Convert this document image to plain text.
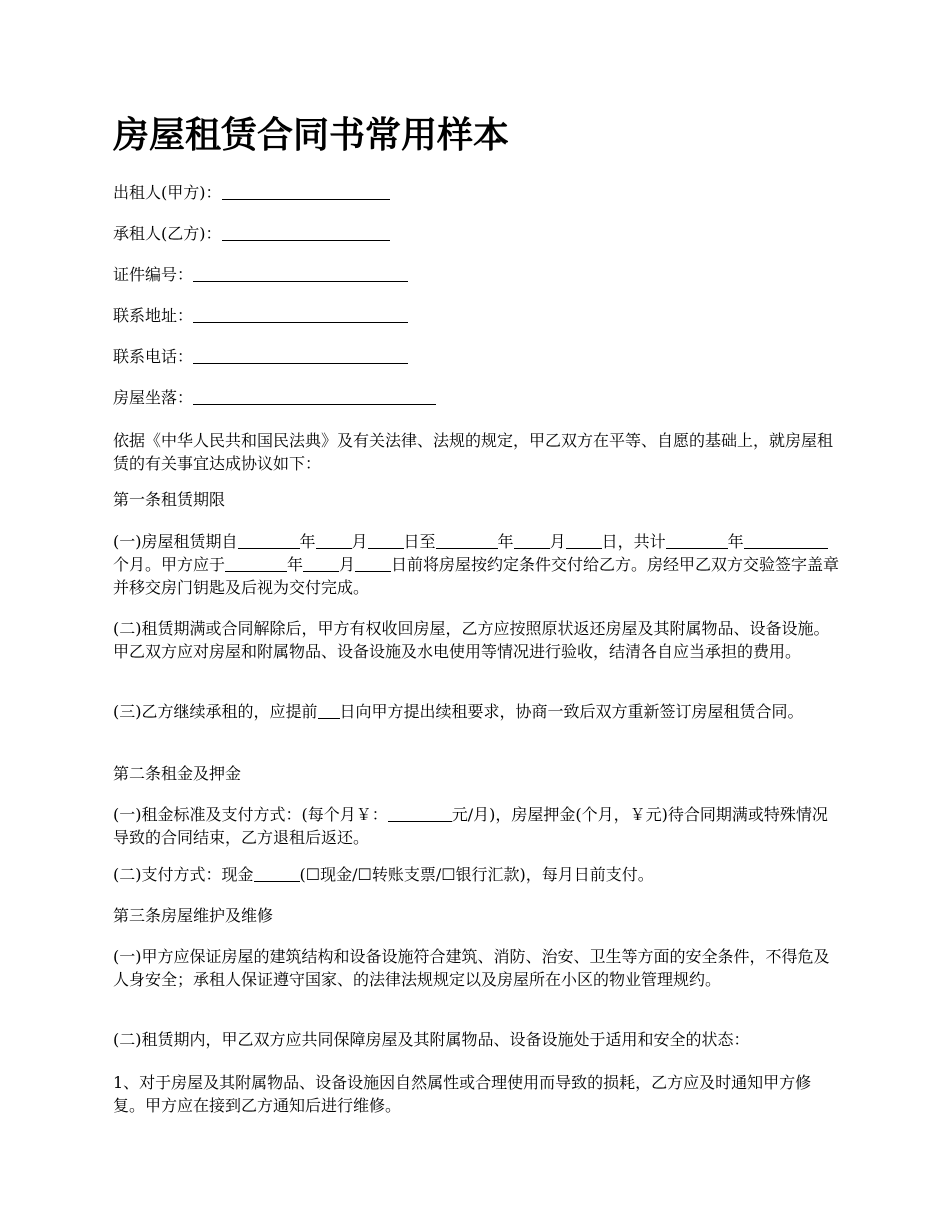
房屋租赁合同书常用样本
出租人(甲方)：
承租人(乙方)：
证件编号：
联系地址：
联系电话：
房屋坐落：
依据《中华人民共和国民法典》及有关法律、法规的规定，甲乙双方在平等、自愿的基础上，就房屋租赁的有关事宜达成协议如下：
第一条租赁期限
(一)房屋租赁期自	年 月 日至	年 月 日，共计	年个月。甲方应于	年 月 日前将房屋按约定条件交付给乙方。房经甲乙双方交验签字盖章并移交房门钥匙及后视为交付完成。
(二)租赁期满或合同解除后，甲方有权收回房屋，乙方应按照原状返还房屋及其附属物品、设备设施。甲乙双方应对房屋和附属物品、设备设施及水电使用等情况进行验收，结清各自应当承担的费用。
(三)乙方继续承租的，应提前 日向甲方提出续租要求，协商一致后双方重新签订房屋租赁合同。
第二条租金及押金
(一)租金标准及支付方式：(每个月￥：	元/月)，房屋押金(个月，￥元)待合同期满或特殊情况导致的合同结束，乙方退租后返还。
(二)支付方式：现金	(☐现金/☐转账支票/☐银行汇款)，每月日前支付。
第三条房屋维护及维修
(一)甲方应保证房屋的建筑结构和设备设施符合建筑、消防、治安、卫生等方面的安全条件，不得危及人身安全；承租人保证遵守国家、的法律法规规定以及房屋所在小区的物业管理规约。
(二)租赁期内，甲乙双方应共同保障房屋及其附属物品、设备设施处于适用和安全的状态：
1、对于房屋及其附属物品、设备设施因自然属性或合理使用而导致的损耗，乙方应及时通知甲方修复。甲方应在接到乙方通知后进行维修。
